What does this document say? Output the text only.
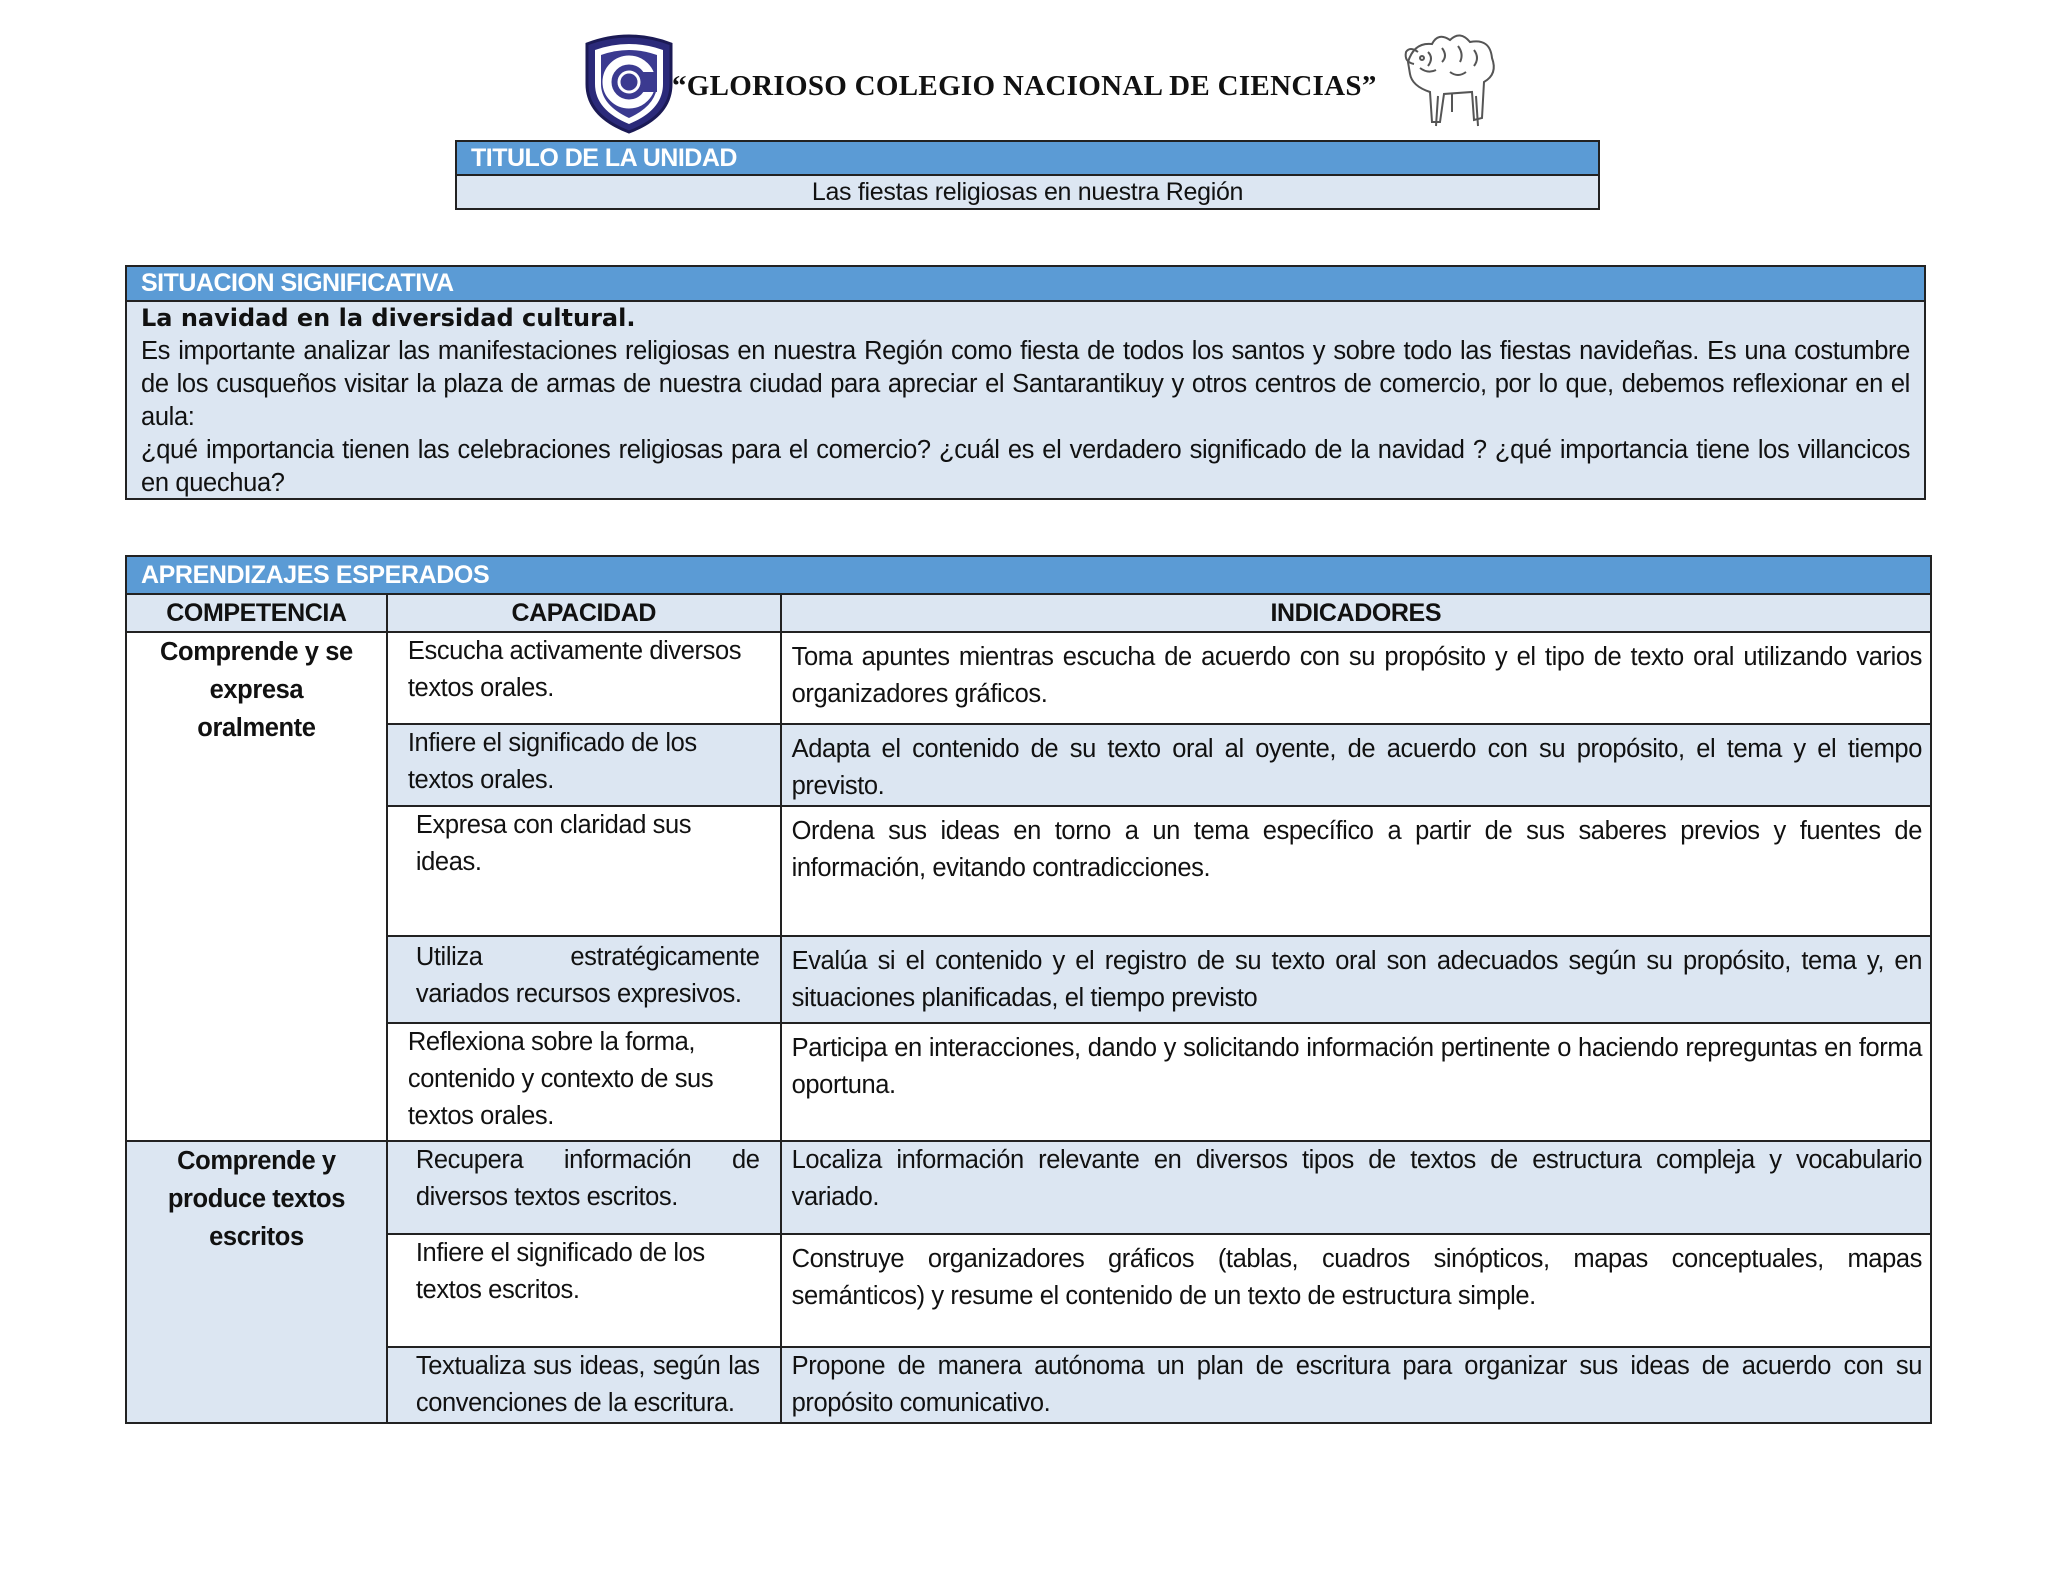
“GLORIOSO COLEGIO NACIONAL DE CIENCIAS”
TITULO DE LA UNIDAD
Las fiestas religiosas en nuestra Región
SITUACION SIGNIFICATIVA
La navidad en la diversidad cultural.
Es importante analizar las manifestaciones religiosas en nuestra Región como fiesta de todos los santos y sobre todo las fiestas navideñas. Es una costumbre de los cusqueños visitar la plaza de armas de nuestra ciudad para apreciar el Santarantikuy y otros centros de comercio, por lo que, debemos reflexionar en el aula:
¿qué importancia tienen las celebraciones religiosas para el comercio? ¿cuál es el verdadero significado de la navidad ? ¿qué importancia tiene los villancicos en quechua?
APRENDIZAJES ESPERADOS		
COMPETENCIA	CAPACIDAD	INDICADORES
Comprende y se expresa oralmente	Escucha activamente diversos textos orales.	Toma apuntes mientras escucha de acuerdo con su propósito y el tipo de texto oral utilizando varios organizadores gráficos.
	Infiere el significado de los textos orales.	Adapta el contenido de su texto oral al oyente, de acuerdo con su propósito, el tema y el tiempo previsto.
	Expresa con claridad sus ideas.	Ordena sus ideas en torno a un tema específico a partir de sus saberes previos y fuentes de información, evitando contradicciones.
	Utiliza estratégicamente variados recursos expresivos.	Evalúa si el contenido y el registro de su texto oral son adecuados según su propósito, tema y, en situaciones planificadas, el tiempo previsto
	Reflexiona sobre la forma, contenido y contexto de sus textos orales.	Participa en interacciones, dando y solicitando información pertinente o haciendo repreguntas en forma oportuna.
Comprende y produce textos escritos	Recupera información de diversos textos escritos.	Localiza información relevante en diversos tipos de textos de estructura compleja y vocabulario variado.
	Infiere el significado de los textos escritos.	Construye organizadores gráficos (tablas, cuadros sinópticos, mapas conceptuales, mapas semánticos) y resume el contenido de un texto de estructura simple.
	Textualiza sus ideas, según las convenciones de la escritura.	Propone de manera autónoma un plan de escritura para organizar sus ideas de acuerdo con su propósito comunicativo.
